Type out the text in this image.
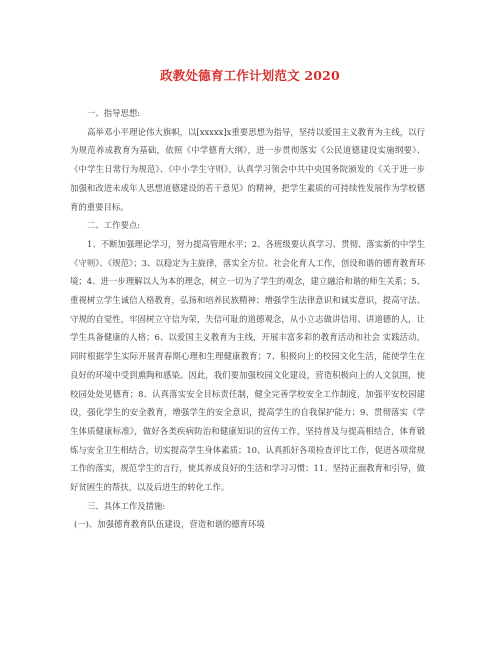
政教处德育工作计划范文 2020

一、指导思想:

高举邓小平理论伟大旗帜，以[xxxxx]x重要思想为指导，坚持以爱国主义教育为主线，以行为规范养成教育为基础，依照《中学德育大纲》，进一步贯彻落实《公民道德建设实施纲要》、《中学生日常行为规范》、《中小学生守则》，认真学习领会中共中央国务院颁发的《关于进一步加强和改进未成年人思想道德建设的若干意见》的精神，把学生素质的可持续性发展作为学校德育的重要目标。

二、工作要点:

1、不断加强理论学习，努力提高管理水平；2、各班级要认真学习、贯彻、落实新的中学生《守则》、《规范》；3、以稳定为主旋律，落实全方位、社会化育人工作，创设和谐的德育教育环境；4、进一步理解以人为本的理念，树立一切为了学生的观念，建立融洽和谐的师生关系；5、重视树立学生诚信人格教育，弘扬和培养民族精神；增强学生法律意识和诚实意识，提高守法、守规的自觉性，牢固树立守信为荣，失信可耻的道德观念，从小立志做讲信用、讲道德的人，让学生具备健康的人格；6、以爱国主义教育为主线，开展丰富多彩的教育活动和社会 实践活动，同时根据学生实际开展青春期心理和生理健康教育；7、积极向上的校园文化生活，能使学生在良好的环境中受到熏陶和感染。因此，我们要加强校园文化建设，营造积极向上的人文氛围，使校园处处见德育；8、认真落实安全目标责任制，健全完善学校安全工作制度，加强平安校园建设，强化学生的安全教育，增强学生的安全意识，提高学生的自我保护能力；9、贯彻落实《学生体质健康标准》，做好各类疾病防治和健康知识的宣传工作，坚持普及与提高相结合，体育锻炼与安全卫生相结合，切实提高学生身体素质；10、认真抓好各项检查评比工作，促进各项常规工作的落实，规范学生的言行，使其养成良好的生活和学习习惯；11、坚持正面教育和引导，做好贫困生的帮扶，以及后进生的转化工作。

三、具体工作及措施:

(一)、加强德育教育队伍建设，营造和谐的德育环境
